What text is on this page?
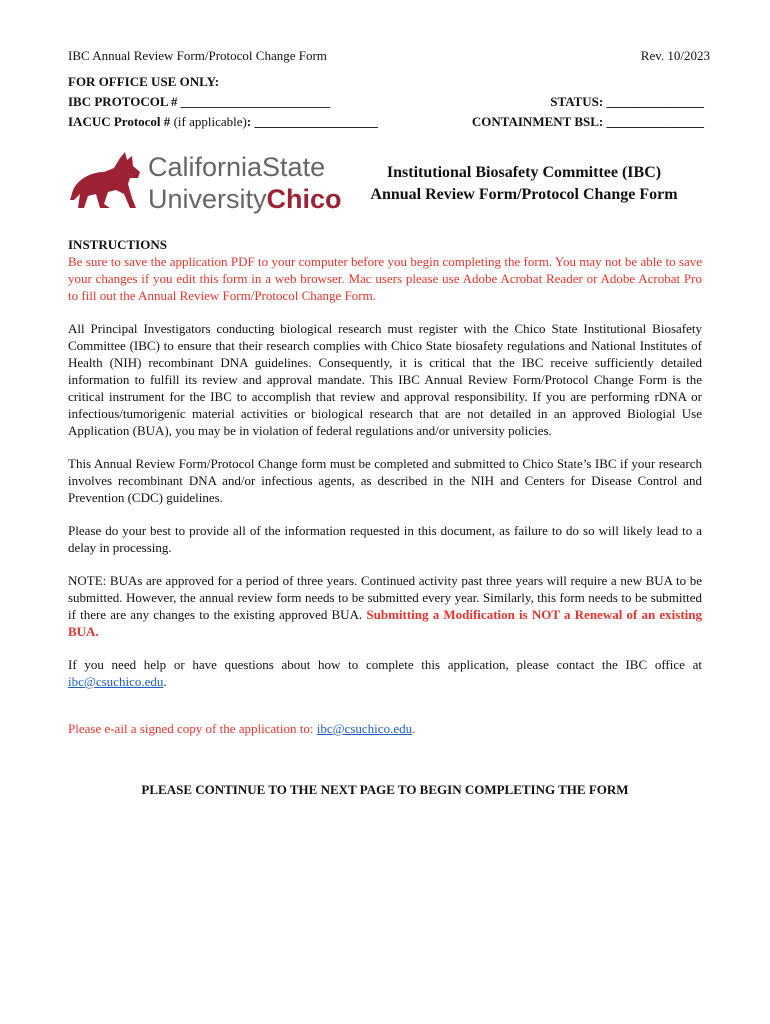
IBC Annual Review Form/Protocol Change Form	Rev. 10/2023
FOR OFFICE USE ONLY:
IBC PROTOCOL # _______________________
IACUC Protocol # (if applicable): ___________________
STATUS: _______________
CONTAINMENT BSL: _______________
CaliforniaState
UniversityChico
Institutional Biosafety Committee (IBC)
Annual Review Form/Protocol Change Form

INSTRUCTIONS

Be sure to save the application PDF to your computer before you begin completing the form. You may not be able to save your changes if you edit this form in a web browser. Mac users please use Adobe Acrobat Reader or Adobe Acrobat Pro to fill out the Annual Review Form/Protocol Change Form.

All Principal Investigators conducting biological research must register with the Chico State Institutional Biosafety Committee (IBC) to ensure that their research complies with Chico State biosafety regulations and National Institutes of Health (NIH) recombinant DNA guidelines. Consequently, it is critical that the IBC receive sufficiently detailed information to fulfill its review and approval mandate. This IBC Annual Review Form/Protocol Change Form is the critical instrument for the IBC to accomplish that review and approval responsibility. If you are performing rDNA or infectious/tumorigenic material activities or biological research that are not detailed in an approved Biologial Use Application (BUA), you may be in violation of federal regulations and/or university policies.

This Annual Review Form/Protocol Change form must be completed and submitted to Chico State’s IBC if your research involves recombinant DNA and/or infectious agents, as described in the NIH and Centers for Disease Control and Prevention (CDC) guidelines.

Please do your best to provide all of the information requested in this document, as failure to do so will likely lead to a delay in processing.

NOTE: BUAs are approved for a period of three years. Continued activity past three years will require a new BUA to be submitted. However, the annual review form needs to be submitted every year. Similarly, this form needs to be submitted if there are any changes to the existing approved BUA. Submitting a Modification is NOT a Renewal of an existing BUA.

If you need help or have questions about how to complete this application, please contact the IBC office at ibc@csuchico.edu.

Please e-ail a signed copy of the application to: ibc@csuchico.edu.

PLEASE CONTINUE TO THE NEXT PAGE TO BEGIN COMPLETING THE FORM
